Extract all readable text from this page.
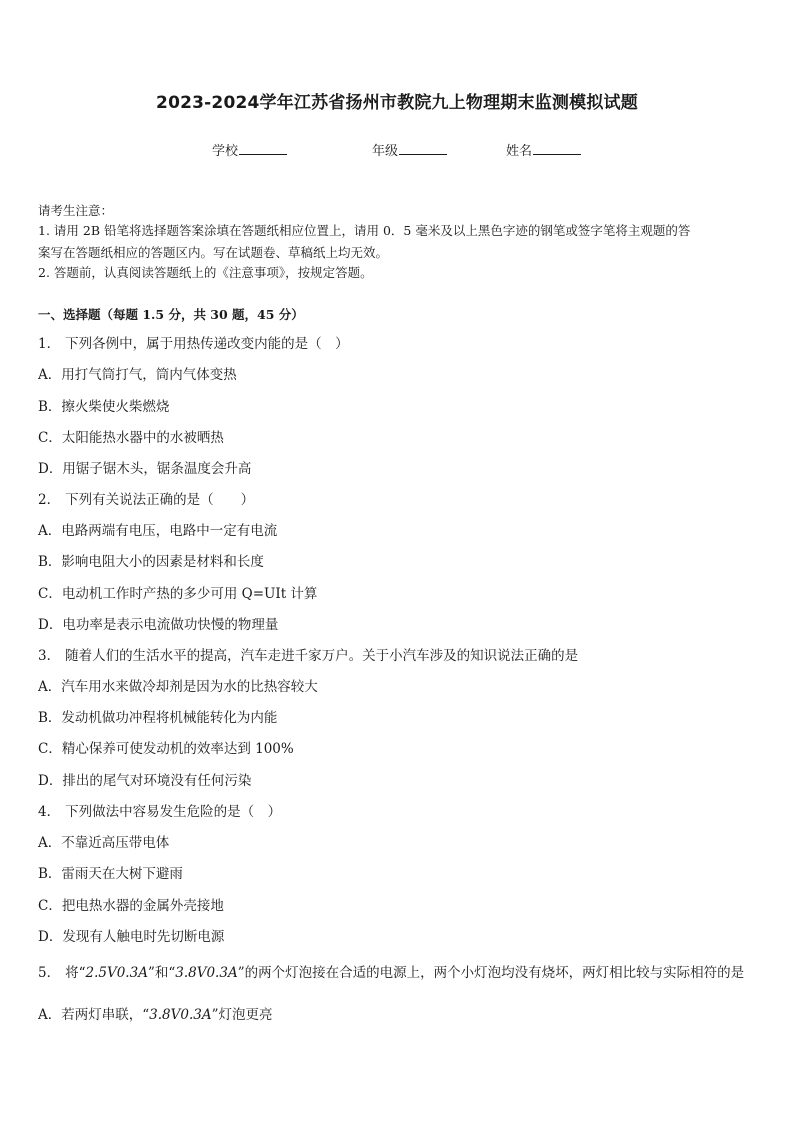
2023-2024学年江苏省扬州市教院九上物理期末监测模拟试题
学校	年级	姓名
请考生注意：
1. 请用 2B 铅笔将选择题答案涂填在答题纸相应位置上，请用 0．5 毫米及以上黑色字迹的钢笔或签字笔将主观题的答
案写在答题纸相应的答题区内。写在试题卷、草稿纸上均无效。
2. 答题前，认真阅读答题纸上的《注意事项》，按规定答题。
一、选择题（每题 1.5 分，共 30 题，45 分）
1． 下列各例中，属于用热传递改变内能的是（　）
A．用打气筒打气，筒内气体变热
B．擦火柴使火柴燃烧
C．太阳能热水器中的水被晒热
D．用锯子锯木头，锯条温度会升高
2． 下列有关说法正确的是（　　）
A．电路两端有电压，电路中一定有电流
B．影响电阻大小的因素是材料和长度
C．电动机工作时产热的多少可用 Q=UIt 计算
D．电功率是表示电流做功快慢的物理量
3． 随着人们的生活水平的提高，汽车走进千家万户。关于小汽车涉及的知识说法正确的是
A．汽车用水来做冷却剂是因为水的比热容较大
B．发动机做功冲程将机械能转化为内能
C．精心保养可使发动机的效率达到 100%
D．排出的尾气对环境没有任何污染
4． 下列做法中容易发生危险的是（　）
A．不靠近高压带电体
B．雷雨天在大树下避雨
C．把电热水器的金属外壳接地
D．发现有人触电时先切断电源
5． 将“2.5V0.3A”和“3.8V0.3A”的两个灯泡接在合适的电源上，两个小灯泡均没有烧坏，两灯相比较与实际相符的是
A．若两灯串联，“3.8V0.3A”灯泡更亮
